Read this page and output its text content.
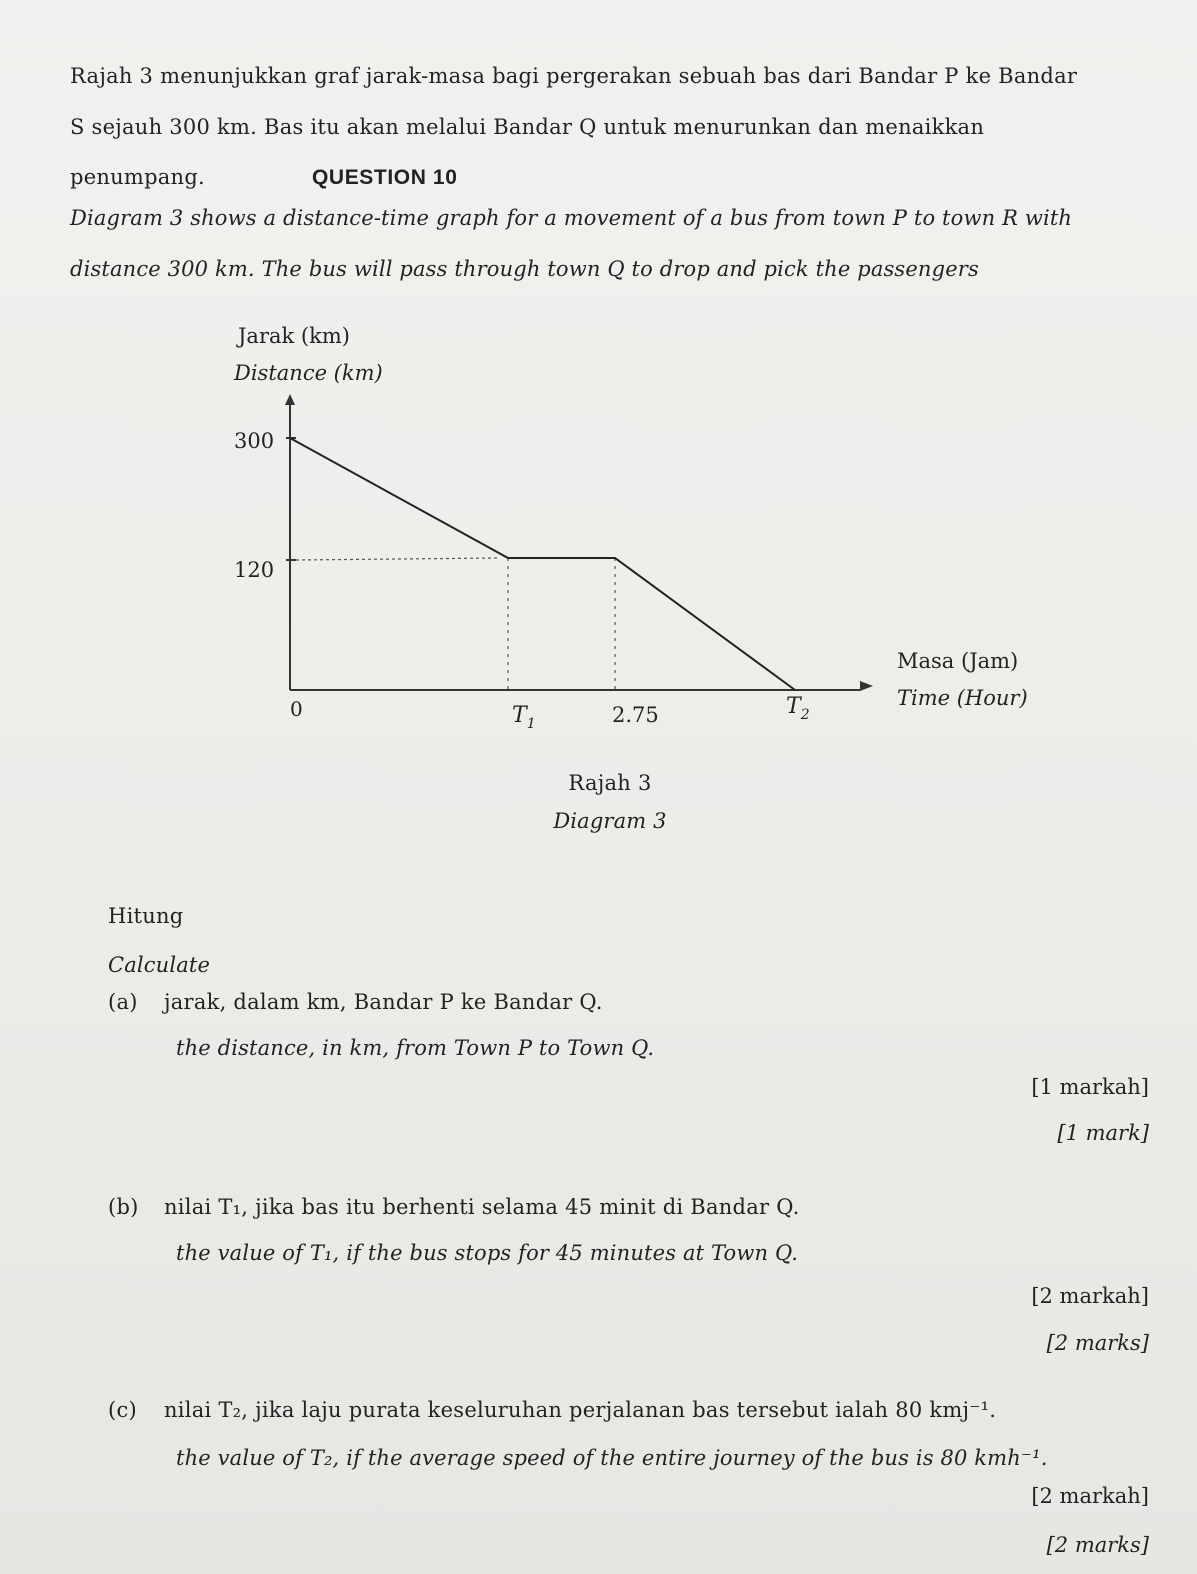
Rajah 3 menunjukkan graf jarak-masa bagi pergerakan sebuah bas dari Bandar P ke Bandar
S sejauh 300 km. Bas itu akan melalui Bandar Q untuk menurunkan dan menaikkan
penumpang.	QUESTION 10
Diagram 3 shows a distance-time graph for a movement of a bus from town P to town R with
distance 300 km. The bus will pass through town Q to drop and pick the passengers
Jarak (km)
Distance (km)
300
120
0	$T_1$	2.75	$T_2$
Masa (Jam)
Time (Hour)
Rajah 3
Diagram 3
Hitung
Calculate
(a) jarak, dalam km, Bandar P ke Bandar Q.
the distance, in km, from Town P to Town Q.
[1 markah]
[1 mark]
(b) nilai T₁, jika bas itu berhenti selama 45 minit di Bandar Q.
the value of T₁, if the bus stops for 45 minutes at Town Q.
[2 markah]
[2 marks]
(c) nilai T₂, jika laju purata keseluruhan perjalanan bas tersebut ialah 80 kmj⁻¹.
the value of T₂, if the average speed of the entire journey of the bus is 80 kmh⁻¹.
[2 markah]
[2 marks]
